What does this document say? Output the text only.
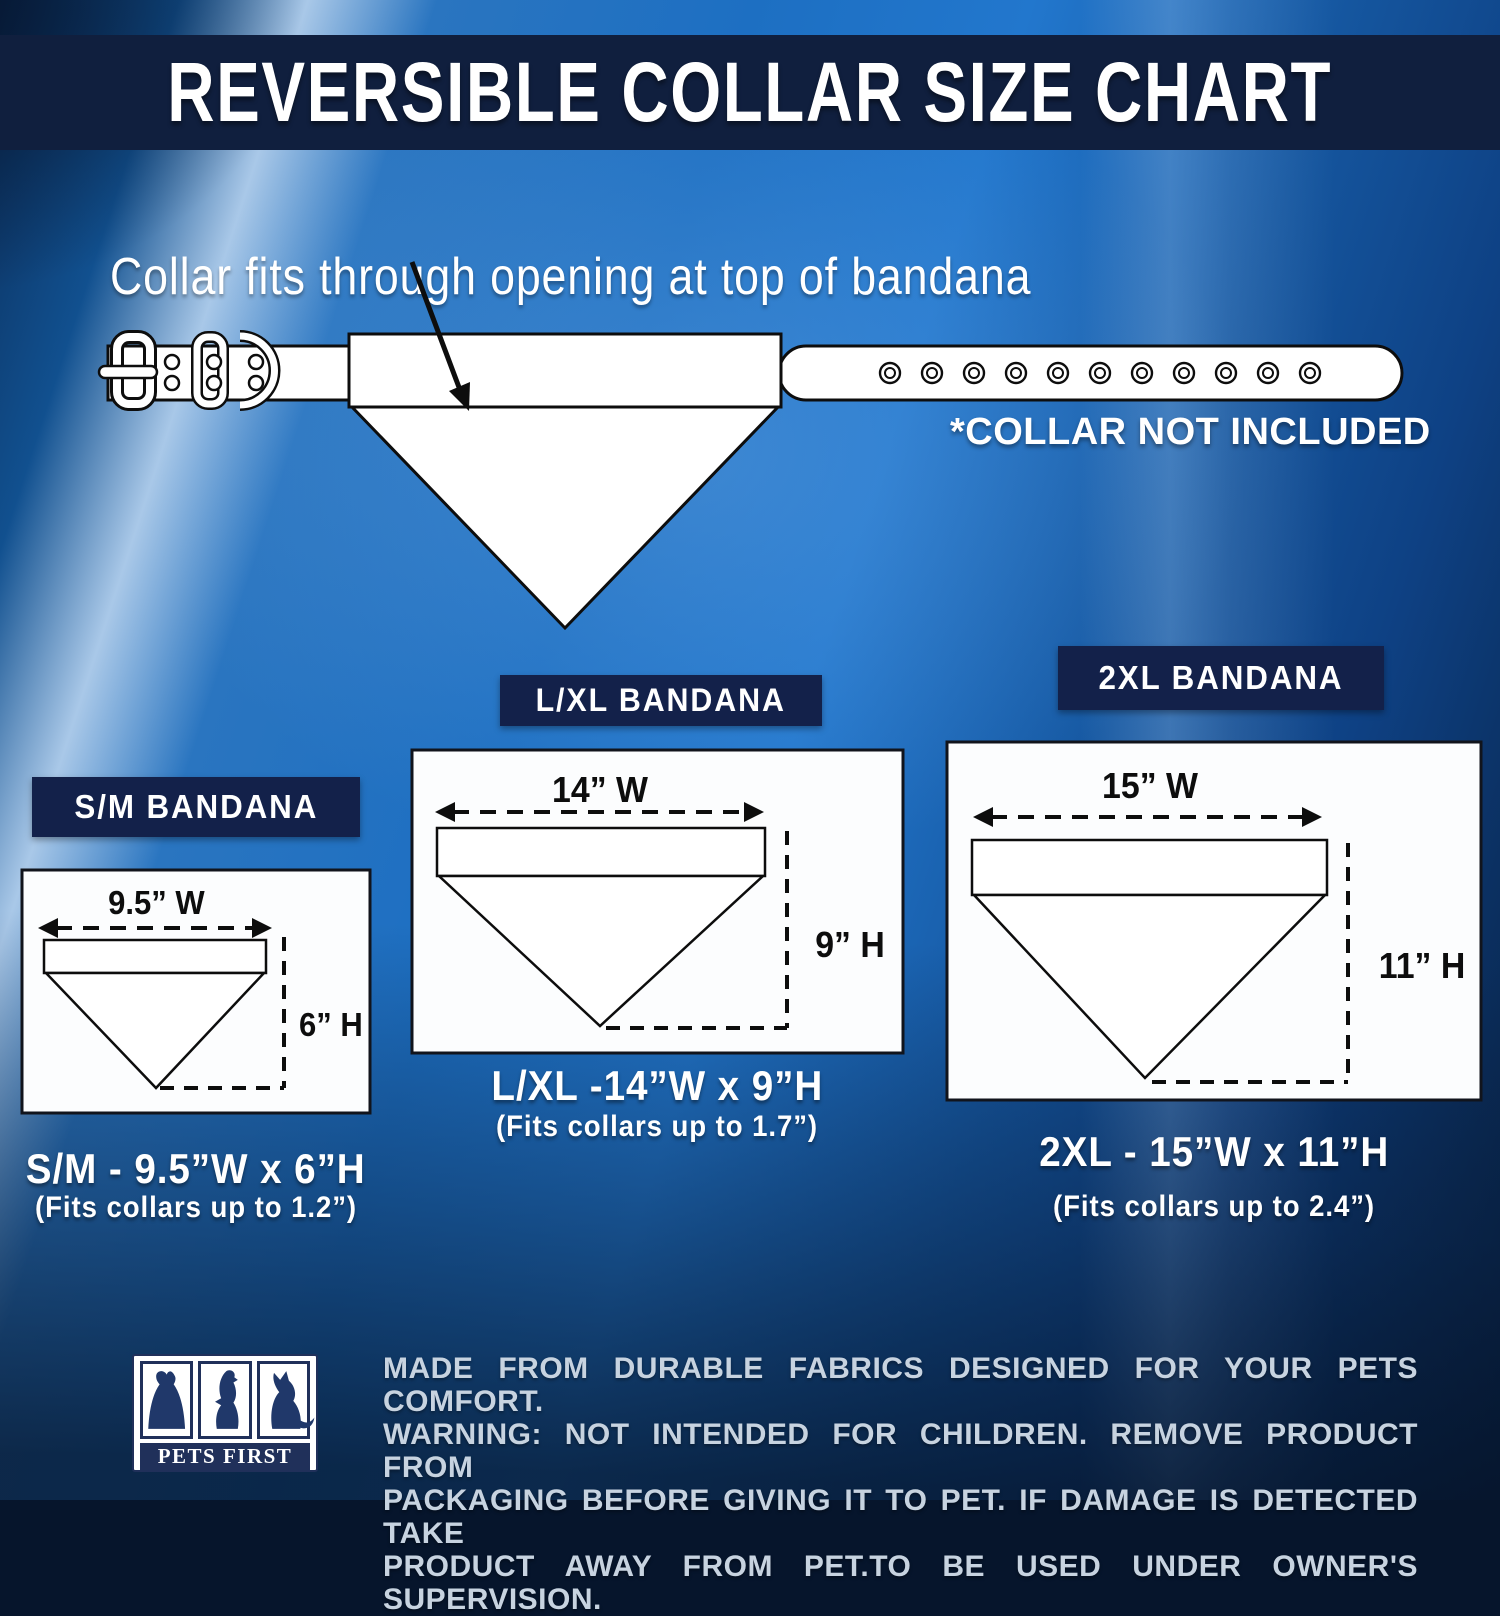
REVERSIBLE COLLAR SIZE CHART
Collar fits through opening at top of bandana
*COLLAR NOT INCLUDED
S/M BANDANA
L/XL BANDANA
2XL BANDANA
9.5” W
14” W	15” W
6” H
9” H
11” H
S/M - 9.5”W x 6”H
(Fits collars up to 1.2”)
L/XL -14”W x 9”H
(Fits collars up to 1.7”)
2XL - 15”W x 11”H
(Fits collars up to 2.4”)
PETS FIRST
MADE FROM DURABLE FABRICS DESIGNED FOR YOUR PETS COMFORT.
WARNING: NOT INTENDED FOR CHILDREN. REMOVE PRODUCT FROM
PACKAGING BEFORE GIVING IT TO PET. IF DAMAGE IS DETECTED TAKE
PRODUCT AWAY FROM PET.TO BE USED UNDER OWNER'S SUPERVISION.
